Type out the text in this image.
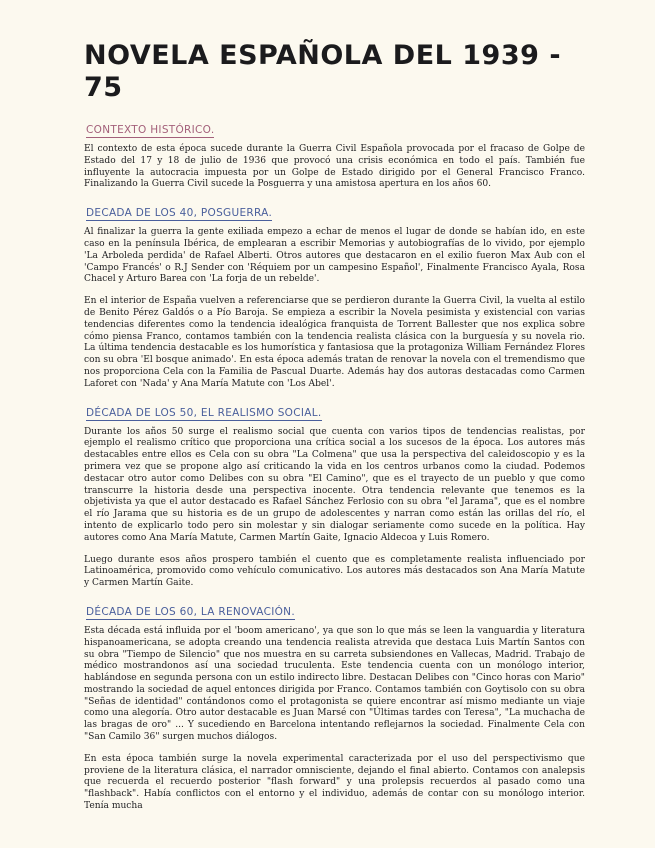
NOVELA ESPAÑOLA DEL 1939 - 75
CONTEXTO HISTÓRICO.

El contexto de esta época sucede durante la Guerra Civil Española provocada por el fracaso de Golpe de Estado del 17 y 18 de julio de 1936 que provocó una crisis económica en todo el país. También fue influyente la autocracia impuesta por un Golpe de Estado dirigido por el General Francisco Franco. Finalizando la Guerra Civil sucede la Posguerra y una amistosa apertura en los años 60.

DECADA DE LOS 40, POSGUERRA.

Al finalizar la guerra la gente exiliada empezo a echar de menos el lugar de donde se habían ido, en este caso en la península Ibérica, de emplearan a escribir Memorias y autobiografías de lo vivido, por ejemplo 'La Arboleda perdida' de Rafael Alberti. Otros autores que destacaron en el exilio fueron Max Aub con el 'Campo Francés' o R.J Sender con 'Réquiem por un campesino Español', Finalmente Francisco Ayala, Rosa Chacel y Arturo Barea con 'La forja de un rebelde'.

En el interior de España vuelven a referenciarse que se perdieron durante la Guerra Civil, la vuelta al estilo de Benito Pérez Galdós o a Pío Baroja. Se empieza a escribir la Novela pesimista y existencial con varias tendencias diferentes como la tendencia idealógica franquista de Torrent Ballester que nos explica sobre cómo piensa Franco, contamos también con la tendencia realista clásica con la burguesía y su novela rio. La última tendencia destacable es los humorística y fantasiosa que la protagoniza William Fernández Flores con su obra 'El bosque animado'. En esta época además tratan de renovar la novela con el tremendismo que nos proporciona Cela con la Familia de Pascual Duarte. Además hay dos autoras destacadas como Carmen Laforet con 'Nada' y Ana María Matute con 'Los Abel'.

DÉCADA DE LOS 50, EL REALISMO SOCIAL.

Durante los años 50 surge el realismo social que cuenta con varios tipos de tendencias realistas, por ejemplo el realismo crítico que proporciona una crítica social a los sucesos de la época. Los autores más destacables entre ellos es Cela con su obra "La Colmena" que usa la perspectiva del caleidoscopio y es la primera vez que se propone algo así criticando la vida en los centros urbanos como la ciudad. Podemos destacar otro autor como Delibes con su obra "El Camino", que es el trayecto de un pueblo y que como transcurre la historia desde una perspectiva inocente. Otra tendencia relevante que tenemos es la objetivista ya que el autor destacado es Rafael Sánchez Ferlosio con su obra "el Jarama", que es el nombre el río Jarama que su historia es de un grupo de adolescentes y narran como están las orillas del río, el intento de explicarlo todo pero sin molestar y sin dialogar seriamente como sucede en la política. Hay autores como Ana María Matute, Carmen Martín Gaite, Ignacio Aldecoa y Luis Romero.

Luego durante esos años prospero también el cuento que es completamente realista influenciado por Latinoamérica, promovido como vehículo comunicativo. Los autores más destacados son Ana María Matute y Carmen Martín Gaite.

DÉCADA DE LOS 60, LA RENOVACIÓN.

Esta década está influida por el 'boom americano', ya que son lo que más se leen la vanguardia y literatura hispanoamericana, se adopta creando una tendencia realista atrevida que destaca Luis Martín Santos con su obra "Tiempo de Silencio" que nos muestra en su carreta subsiendones en Vallecas, Madrid. Trabajo de médico mostrandonos así una sociedad truculenta. Este tendencia cuenta con un monólogo interior, hablándose en segunda persona con un estilo indirecto libre. Destacan Delibes con "Cinco horas con Mario" mostrando la sociedad de aquel entonces dirigida por Franco. Contamos también con Goytisolo con su obra "Señas de identidad" contándonos como el protagonista se quiere encontrar así mismo mediante un viaje como una alegoría. Otro autor destacable es Juan Marsé con "Últimas tardes con Teresa", "La muchacha de las bragas de oro" ... Y sucediendo en Barcelona intentando reflejarnos la sociedad. Finalmente Cela con "San Camilo 36" surgen muchos diálogos.

En esta época también surge la novela experimental caracterizada por el uso del perspectivismo que proviene de la literatura clásica, el narrador omnisciente, dejando el final abierto. Contamos con analepsis que recuerda el recuerdo posterior "flash forward" y una prolepsis recuerdos al pasado como una "flashback". Había conflictos con el entorno y el individuo, además de contar con su monólogo interior. Tenía mucha
